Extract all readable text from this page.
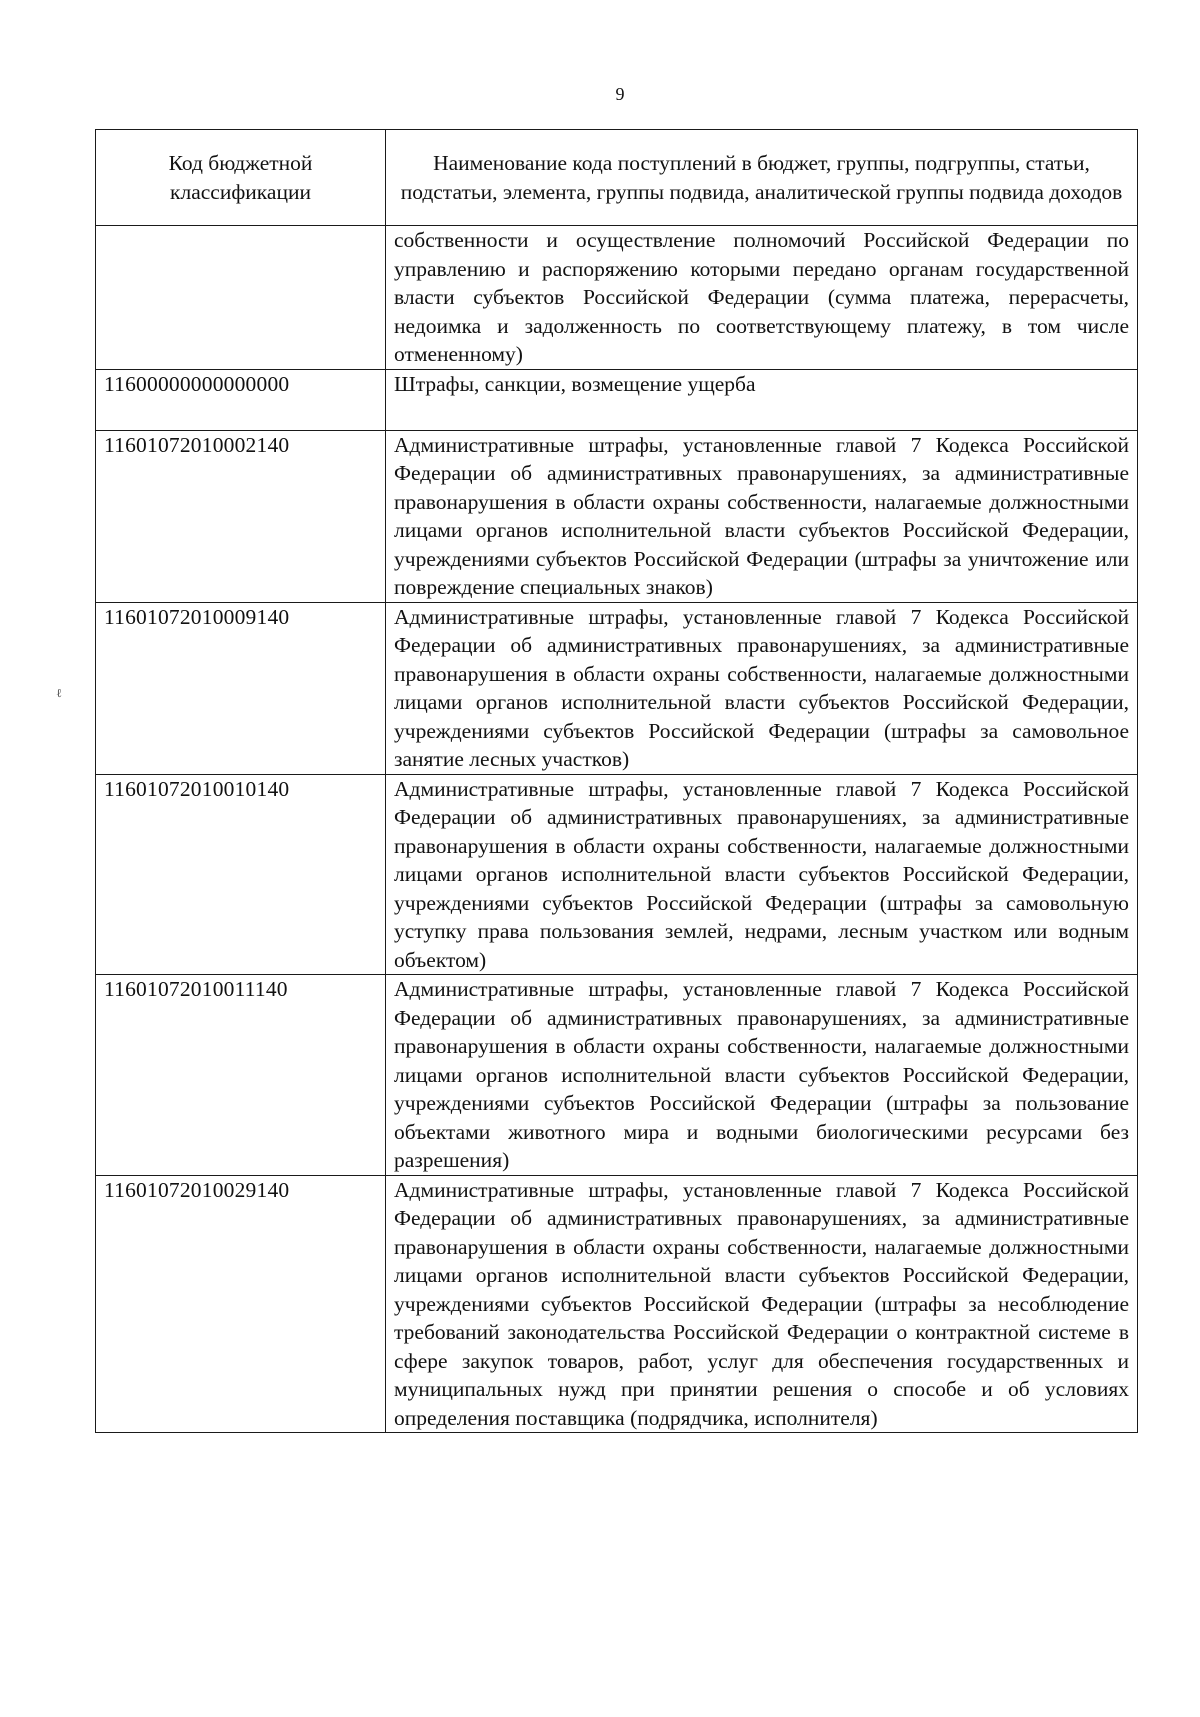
9
ℓ
Код бюджетной классификации	Наименование кода поступлений в бюджет, группы, подгруппы, статьи, подстатьи, элемента, группы подвида, аналитической группы подвида доходов
	собственности и осуществление полномочий Российской Федерации по управлению и распоряжению которыми передано органам государственной власти субъектов Российской Федерации (сумма платежа, перерасчеты, недоимка и задолженность по соответствующему платежу, в том числе отмененному)
11600000000000000	Штрафы, санкции, возмещение ущерба
11601072010002140	Административные штрафы, установленные главой 7 Кодекса Российской Федерации об административных правонарушениях, за административные правонарушения в области охраны собственности, налагаемые должностными лицами органов исполнительной власти субъектов Российской Федерации, учреждениями субъектов Российской Федерации (штрафы за уничтожение или повреждение специальных знаков)
11601072010009140	Административные штрафы, установленные главой 7 Кодекса Российской Федерации об административных правонарушениях, за административные правонарушения в области охраны собственности, налагаемые должностными лицами органов исполнительной власти субъектов Российской Федерации, учреждениями субъектов Российской Федерации (штрафы за самовольное занятие лесных участков)
11601072010010140	Административные штрафы, установленные главой 7 Кодекса Российской Федерации об административных правонарушениях, за административные правонарушения в области охраны собственности, налагаемые должностными лицами органов исполнительной власти субъектов Российской Федерации, учреждениями субъектов Российской Федерации (штрафы за самовольную уступку права пользования землей, недрами, лесным участком или водным объектом)
11601072010011140	Административные штрафы, установленные главой 7 Кодекса Российской Федерации об административных правонарушениях, за административные правонарушения в области охраны собственности, налагаемые должностными лицами органов исполнительной власти субъектов Российской Федерации, учреждениями субъектов Российской Федерации (штрафы за пользование объектами животного мира и водными биологическими ресурсами без разрешения)
11601072010029140	Административные штрафы, установленные главой 7 Кодекса Российской Федерации об административных правонарушениях, за административные правонарушения в области охраны собственности, налагаемые должностными лицами органов исполнительной власти субъектов Российской Федерации, учреждениями субъектов Российской Федерации (штрафы за несоблюдение требований законодательства Российской Федерации о контрактной системе в сфере закупок товаров, работ, услуг для обеспечения государственных и муниципальных нужд при принятии решения о способе и об условиях определения поставщика (подрядчика, исполнителя)
